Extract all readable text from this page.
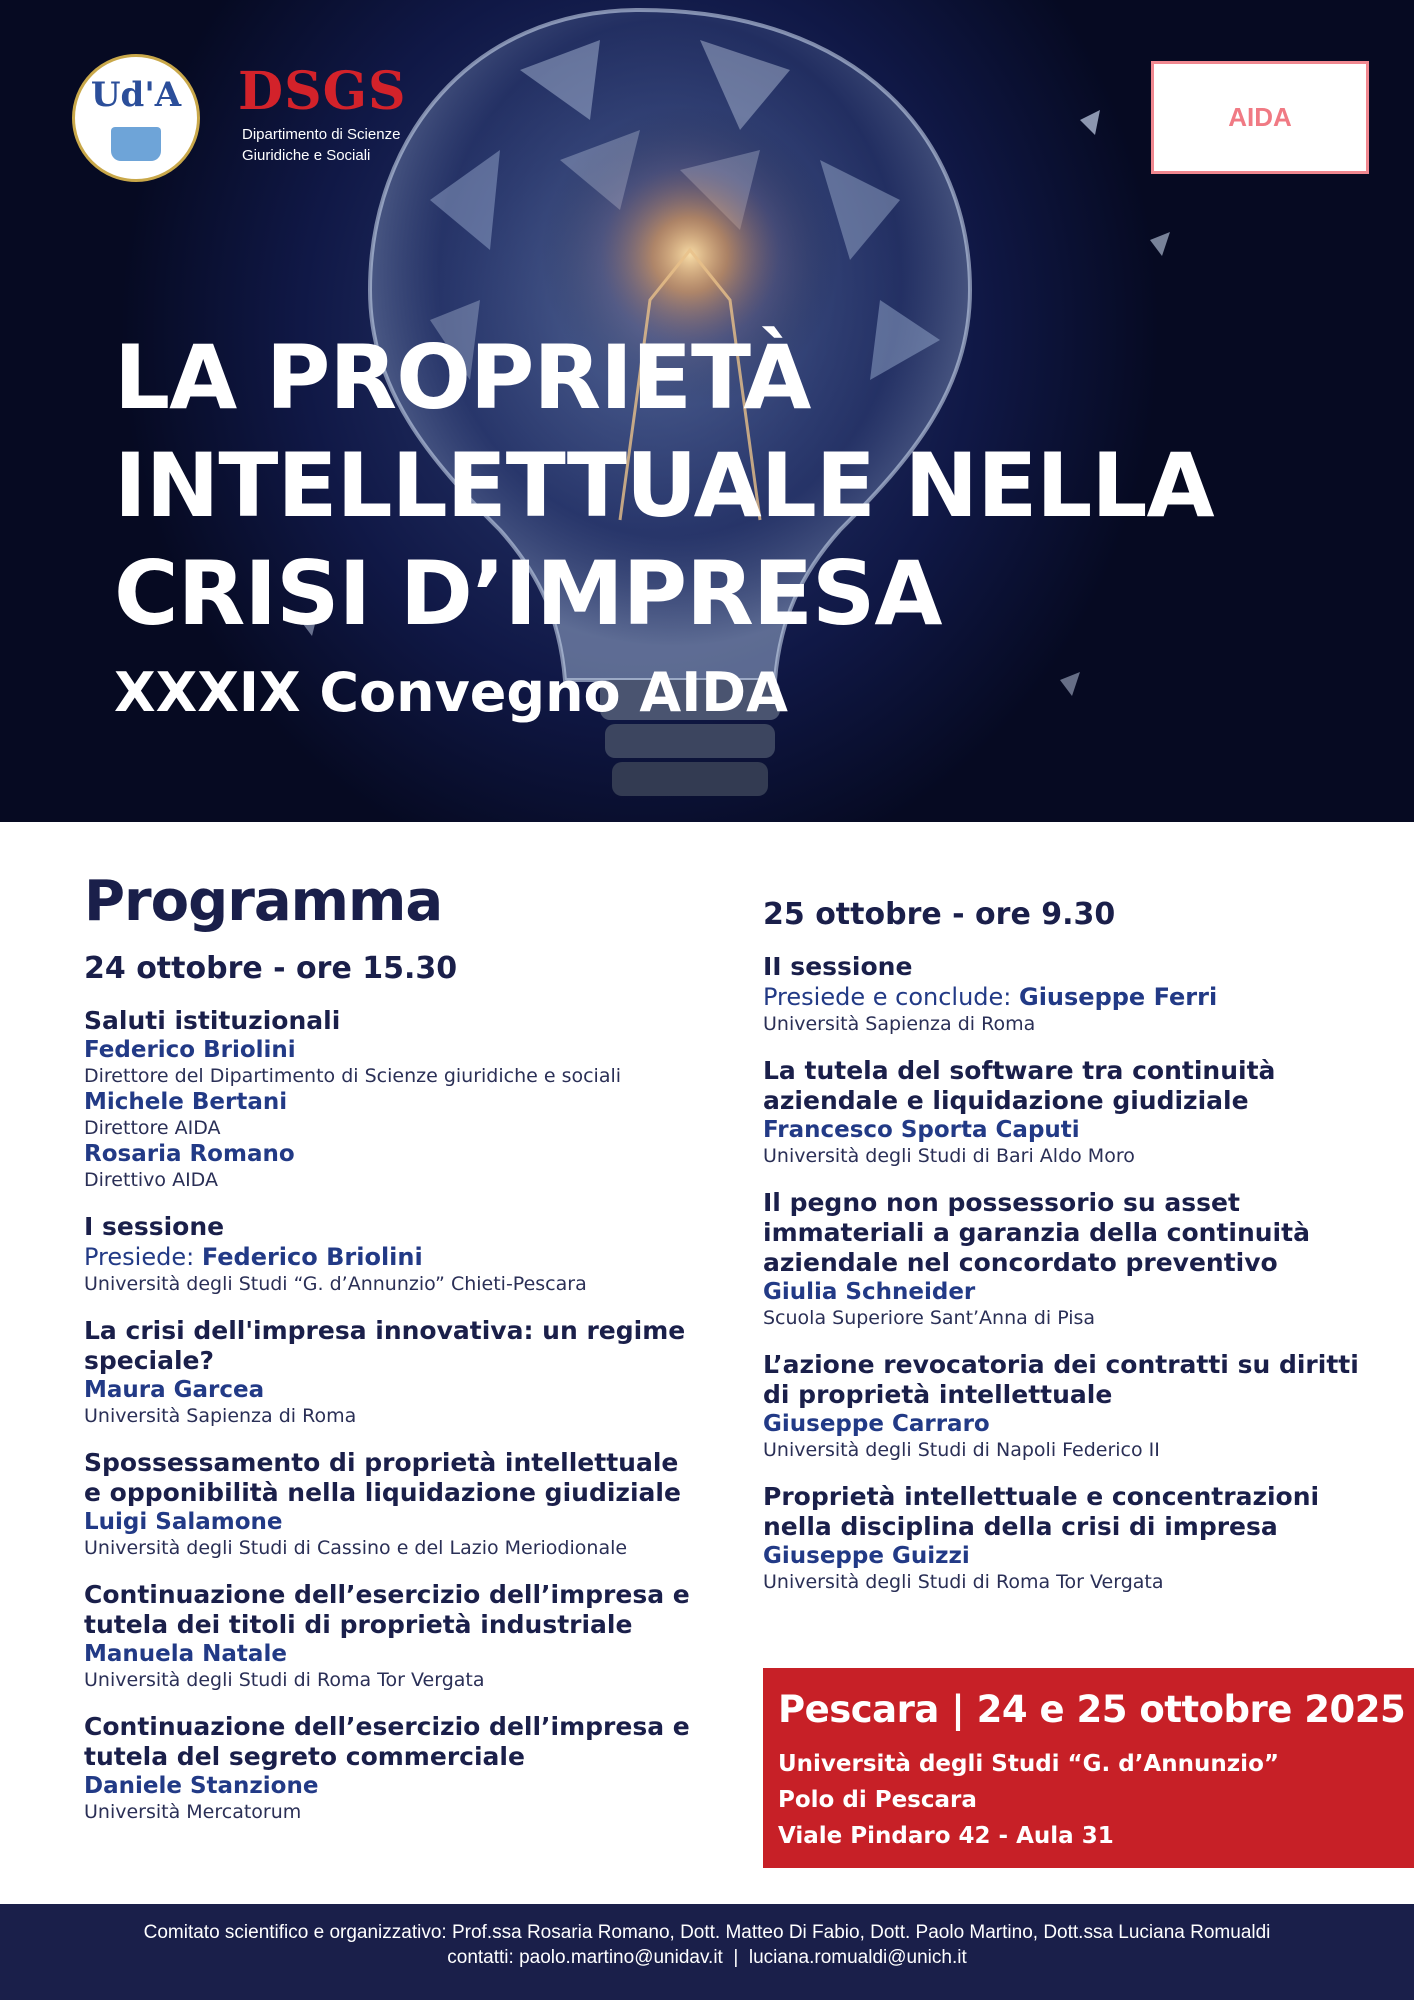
Ud'A	DSGS
Dipartimento di Scienze
Giuridiche e Sociali
AIDA
LA PROPRIETÀ
INTELLETTUALE NELLA
CRISI D’IMPRESA
XXXIX Convegno AIDA
Programma
24 ottobre - ore 15.30
Saluti istituzionali
Federico Briolini
Direttore del Dipartimento di Scienze giuridiche e sociali
Michele Bertani
Direttore AIDA
Rosaria Romano
Direttivo AIDA
I sessione
Presiede: Federico Briolini
Università degli Studi “G. d’Annunzio” Chieti-Pescara
La crisi dell'impresa innovativa: un regime speciale?
Maura Garcea
Università Sapienza di Roma
Spossessamento di proprietà intellettuale e opponibilità nella liquidazione giudiziale
Luigi Salamone
Università degli Studi di Cassino e del Lazio Meriodionale
Continuazione dell’esercizio dell’impresa e tutela dei titoli di proprietà industriale
Manuela Natale
Università degli Studi di Roma Tor Vergata
Continuazione dell’esercizio dell’impresa e tutela del segreto commerciale
Daniele Stanzione
Università Mercatorum
25 ottobre - ore 9.30
II sessione
Presiede e conclude: Giuseppe Ferri
Università Sapienza di Roma
La tutela del software tra continuità aziendale e liquidazione giudiziale
Francesco Sporta Caputi
Università degli Studi di Bari Aldo Moro
Il pegno non possessorio su asset immateriali a garanzia della continuità aziendale nel concordato preventivo
Giulia Schneider
Scuola Superiore Sant’Anna di Pisa
L’azione revocatoria dei contratti su diritti di proprietà intellettuale
Giuseppe Carraro
Università degli Studi di Napoli Federico II
Proprietà intellettuale e concentrazioni nella disciplina della crisi di impresa
Giuseppe Guizzi
Università degli Studi di Roma Tor Vergata
Pescara | 24 e 25 ottobre 2025
Università degli Studi “G. d’Annunzio”
Polo di Pescara
Viale Pindaro 42 - Aula 31
Comitato scientifico e organizzativo: Prof.ssa Rosaria Romano, Dott. Matteo Di Fabio, Dott. Paolo Martino, Dott.ssa Luciana Romualdi
contatti: paolo.martino@unidav.it  |  luciana.romualdi@unich.it
